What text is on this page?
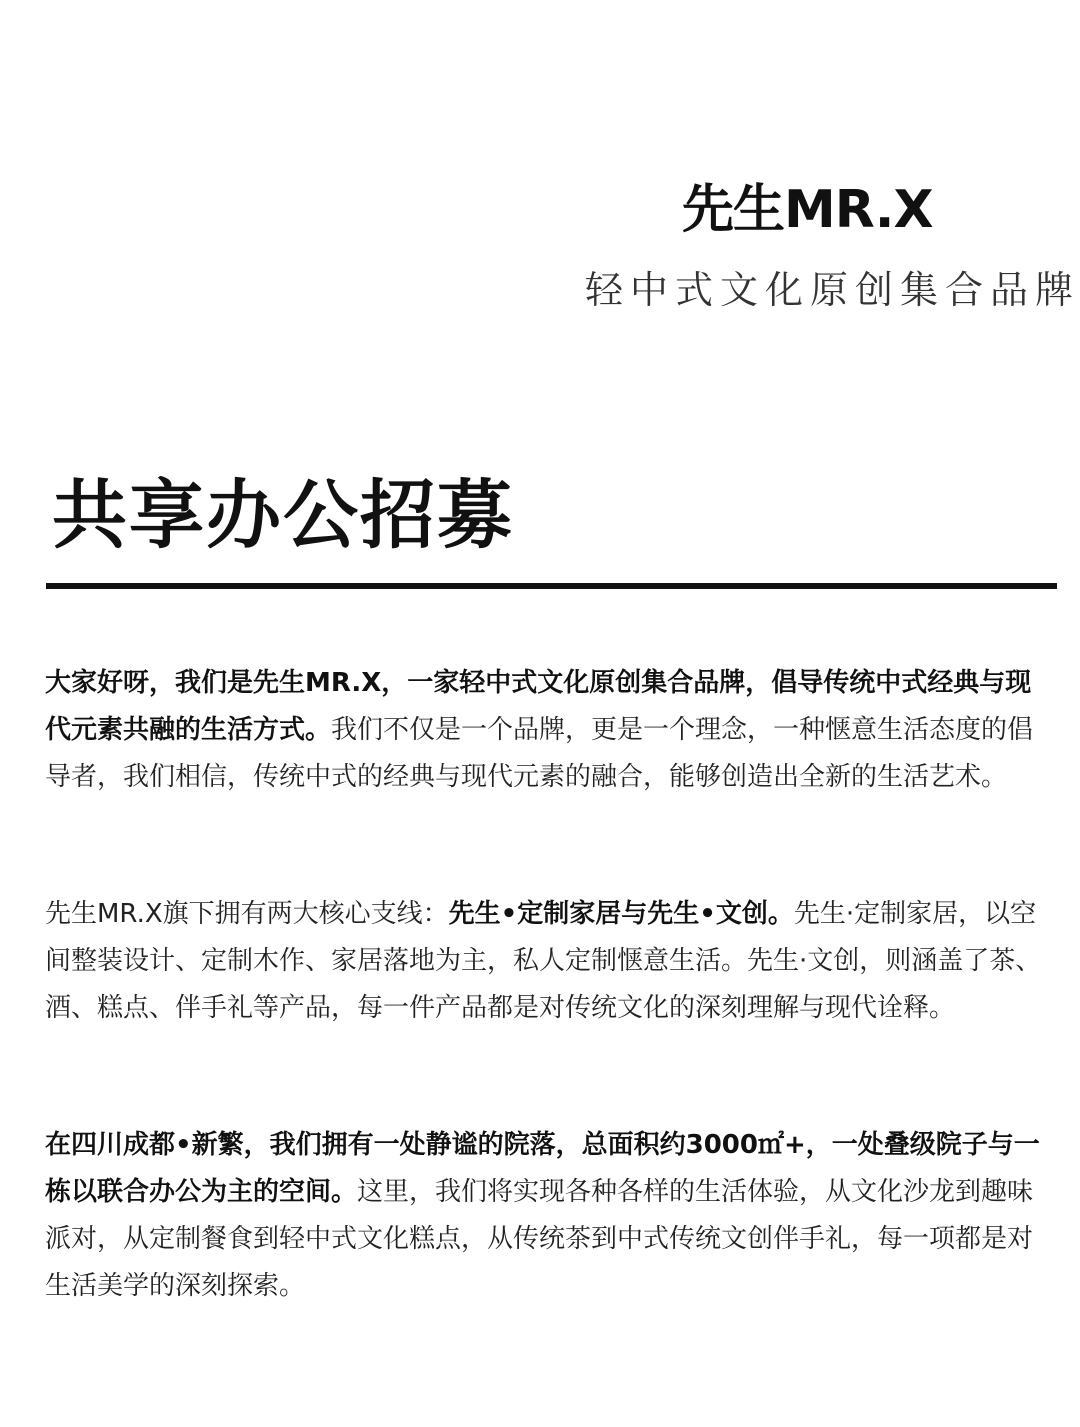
先生MR.X
轻中式文化原创集合品牌
共享办公招募

大家好呀，我们是先生MR.X，一家轻中式文化原创集合品牌，倡导传统中式经典与现代元素共融的生活方式。我们不仅是一个品牌，更是一个理念，一种惬意生活态度的倡导者，我们相信，传统中式的经典与现代元素的融合，能够创造出全新的生活艺术。

先生MR.X旗下拥有两大核心支线：先生•定制家居与先生•文创。先生·定制家居，以空间整装设计、定制木作、家居落地为主，私人定制惬意生活。先生·文创，则涵盖了茶、酒、糕点、伴手礼等产品，每一件产品都是对传统文化的深刻理解与现代诠释。

在四川成都•新繁，我们拥有一处静谧的院落，总面积约3000㎡+，一处叠级院子与一栋以联合办公为主的空间。这里，我们将实现各种各样的生活体验，从文化沙龙到趣味派对，从定制餐食到轻中式文化糕点，从传统茶到中式传统文创伴手礼，每一项都是对生活美学的深刻探索。
